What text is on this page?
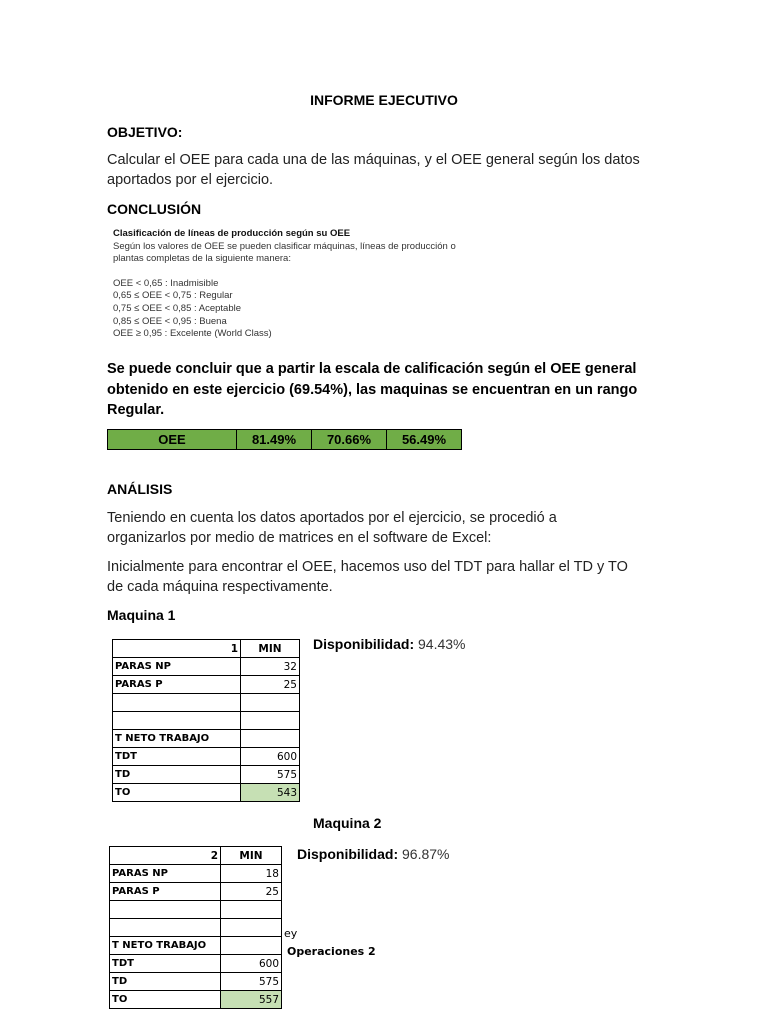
INFORME EJECUTIVO
OBJETIVO:
Calcular el OEE para cada una de las máquinas, y el OEE general según los datos
aportados por el ejercicio.
CONCLUSIÓN
Clasificación de líneas de producción según su OEE
Según los valores de OEE se pueden clasificar máquinas, líneas de producción o
plantas completas de la siguiente manera:
OEE < 0,65 : Inadmisible
0,65 ≤ OEE < 0,75 : Regular
0,75 ≤ OEE < 0,85 : Aceptable
0,85 ≤ OEE < 0,95 : Buena
OEE ≥ 0,95 : Excelente (World Class)
Se puede concluir que a partir la escala de calificación según el OEE general
obtenido en este ejercicio (69.54%), las maquinas se encuentran en un rango
Regular.
OEE	81.49%	70.66%	56.49%
ANÁLISIS
Teniendo en cuenta los datos aportados por el ejercicio, se procedió a
organizarlos por medio de matrices en el software de Excel:
Inicialmente para encontrar el OEE, hacemos uso del TDT para hallar el TD y TO
de cada máquina respectivamente.
Maquina 1
1	MIN
PARAS NP	32
PARAS P	25

T NETO TRABAJO	
TDT	600
TD	575
TO	543
Disponibilidad: 94.43%
Maquina 2
2	MIN
PARAS NP	18
PARAS P	25

T NETO TRABAJO	
TDT	600
TD	575
TO	557
Disponibilidad: 96.87%
ey
Operaciones 2
